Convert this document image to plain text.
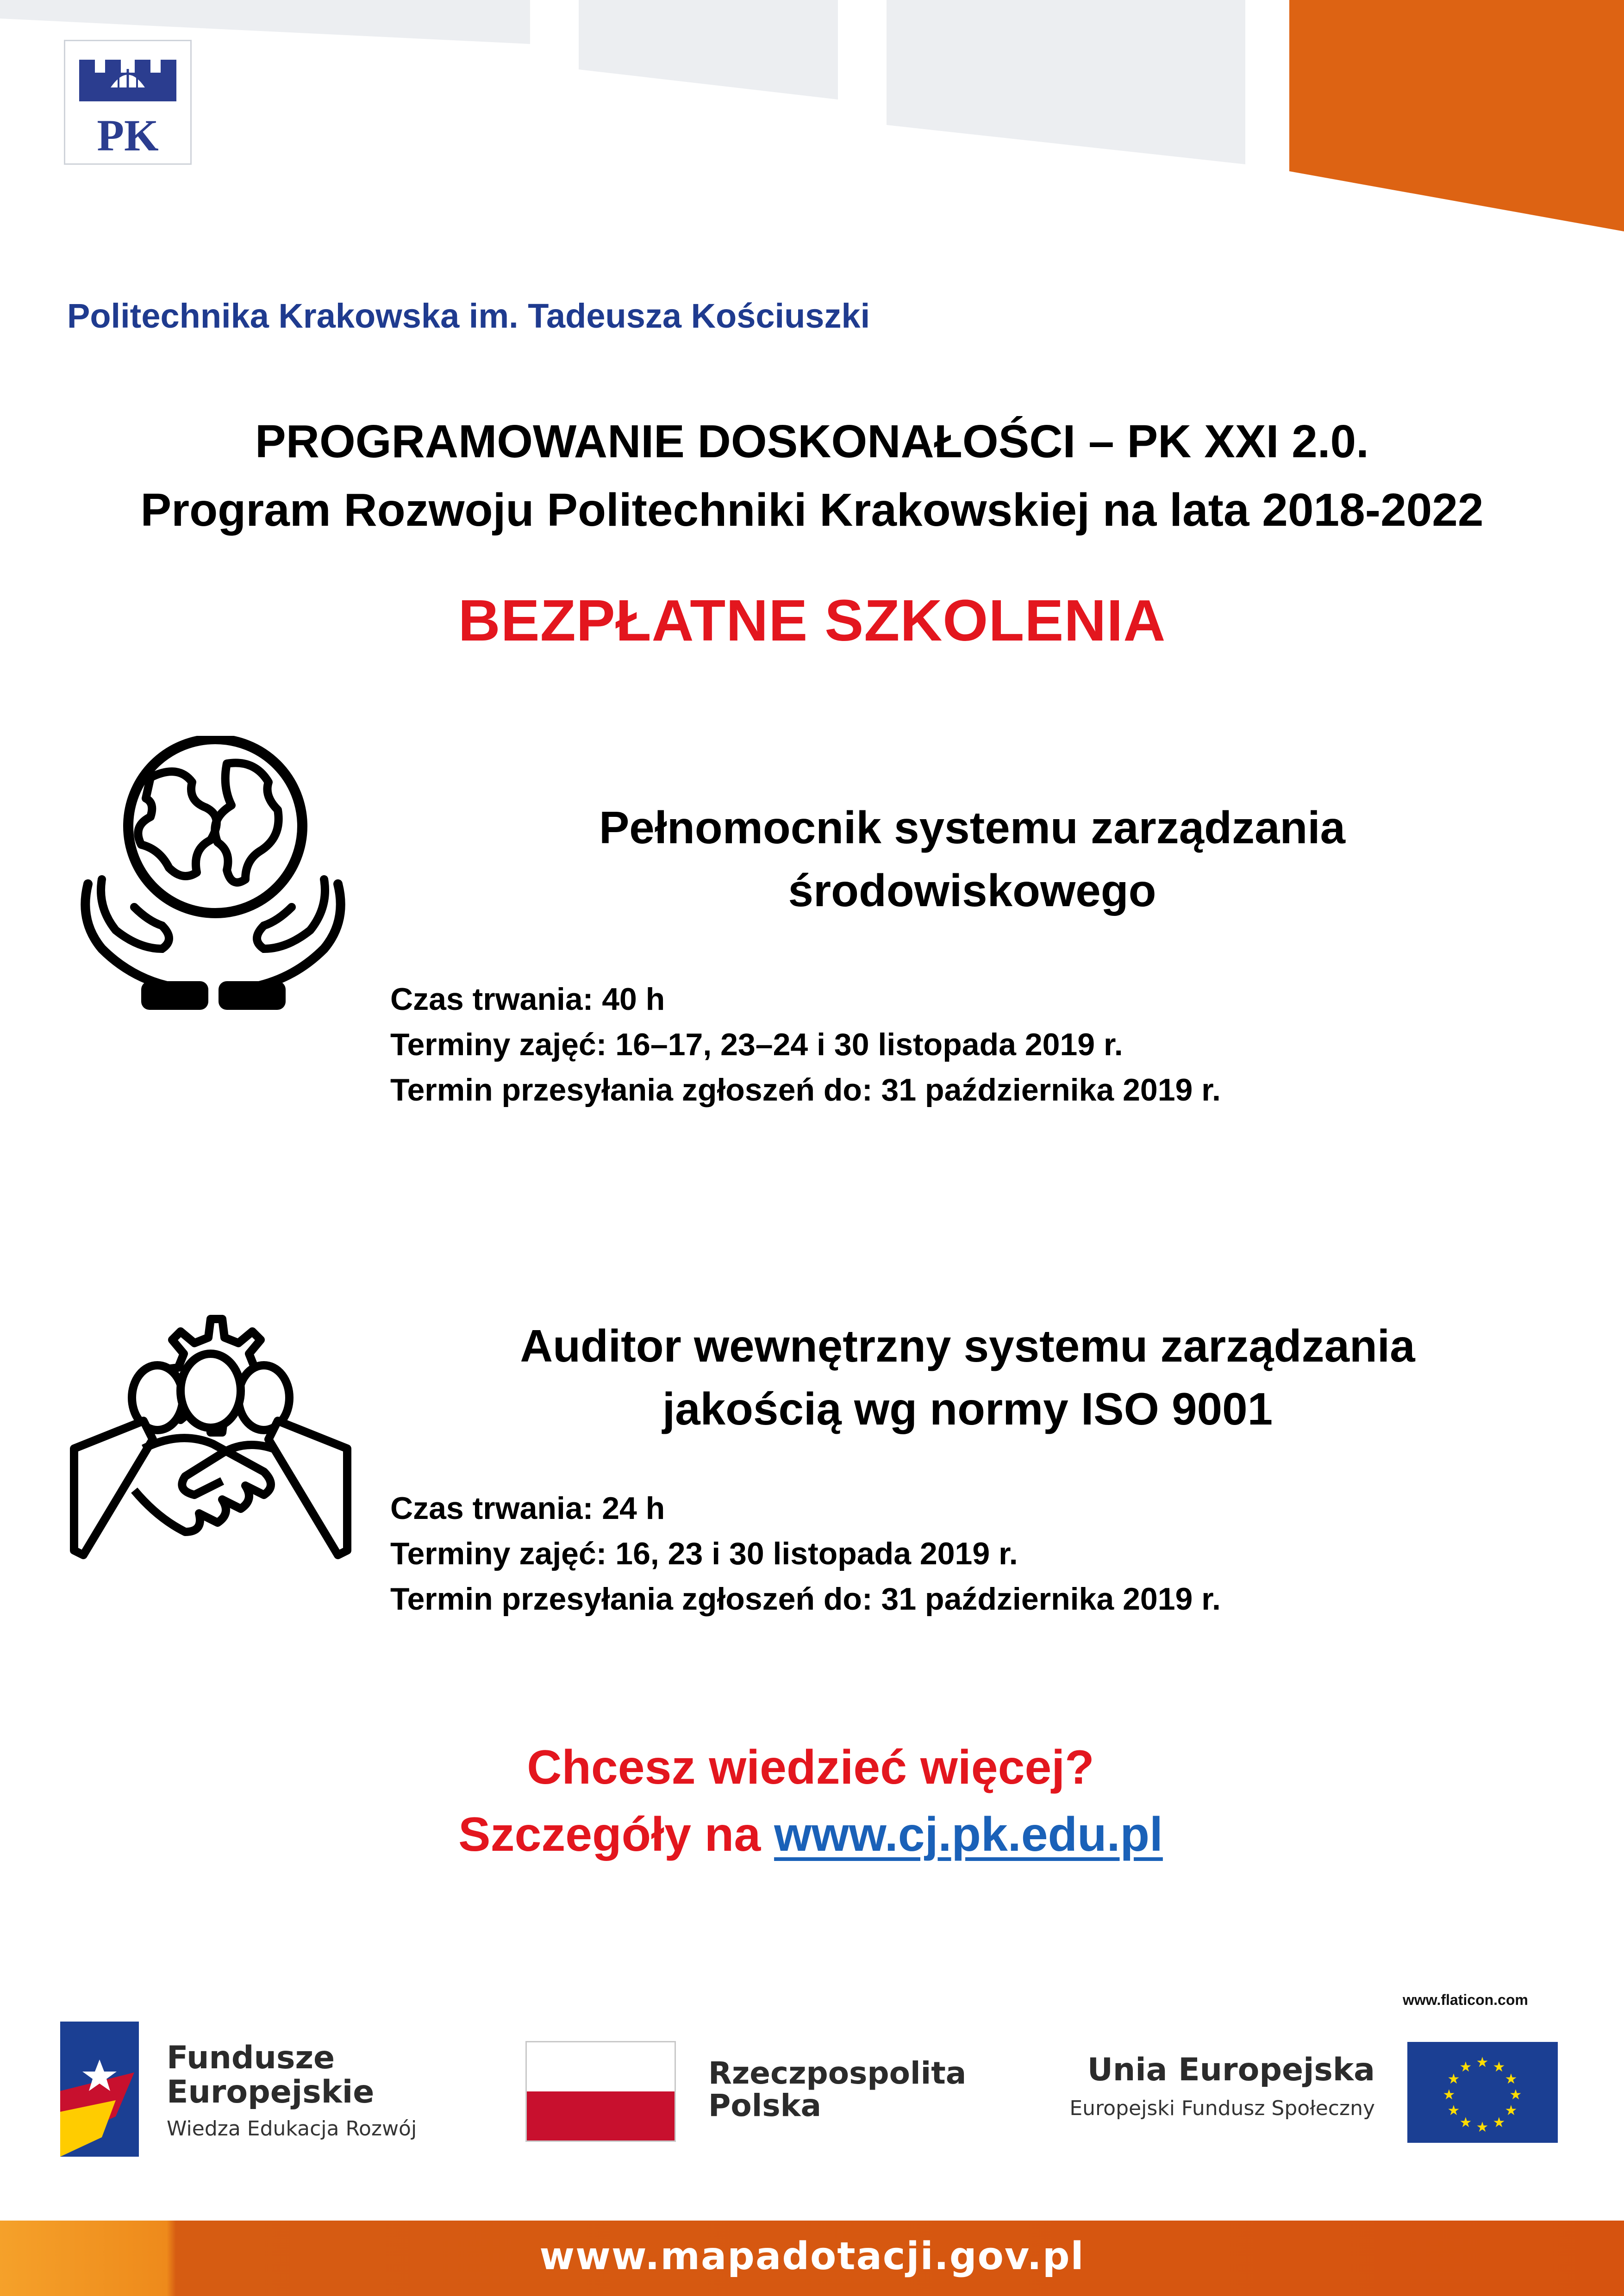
PK
Politechnika Krakowska im. Tadeusza Kościuszki
PROGRAMOWANIE DOSKONAŁOŚCI – PK XXI 2.0.
Program Rozwoju Politechniki Krakowskiej na lata 2018-2022
BEZPŁATNE SZKOLENIA
Pełnomocnik systemu zarządzania
środowiskowego
Czas trwania: 40 h
Terminy zajęć: 16–17, 23–24 i 30 listopada 2019 r.
Termin przesyłania zgłoszeń do: 31 października 2019 r.
Auditor wewnętrzny systemu zarządzania
jakością wg normy ISO 9001
Czas trwania: 24 h
Terminy zajęć: 16, 23 i 30 listopada 2019 r.
Termin przesyłania zgłoszeń do: 31 października 2019 r.
Chcesz wiedzieć więcej?
Szczegóły na www.cj.pk.edu.pl
www.flaticon.com
Fundusze
Europejskie
Wiedza Edukacja Rozwój
Rzeczpospolita
Polska
Unia Europejska
Europejski Fundusz Społeczny
★ ★
★
★
★
★
★
★
★
★
★
★
www.mapadotacji.gov.pl
